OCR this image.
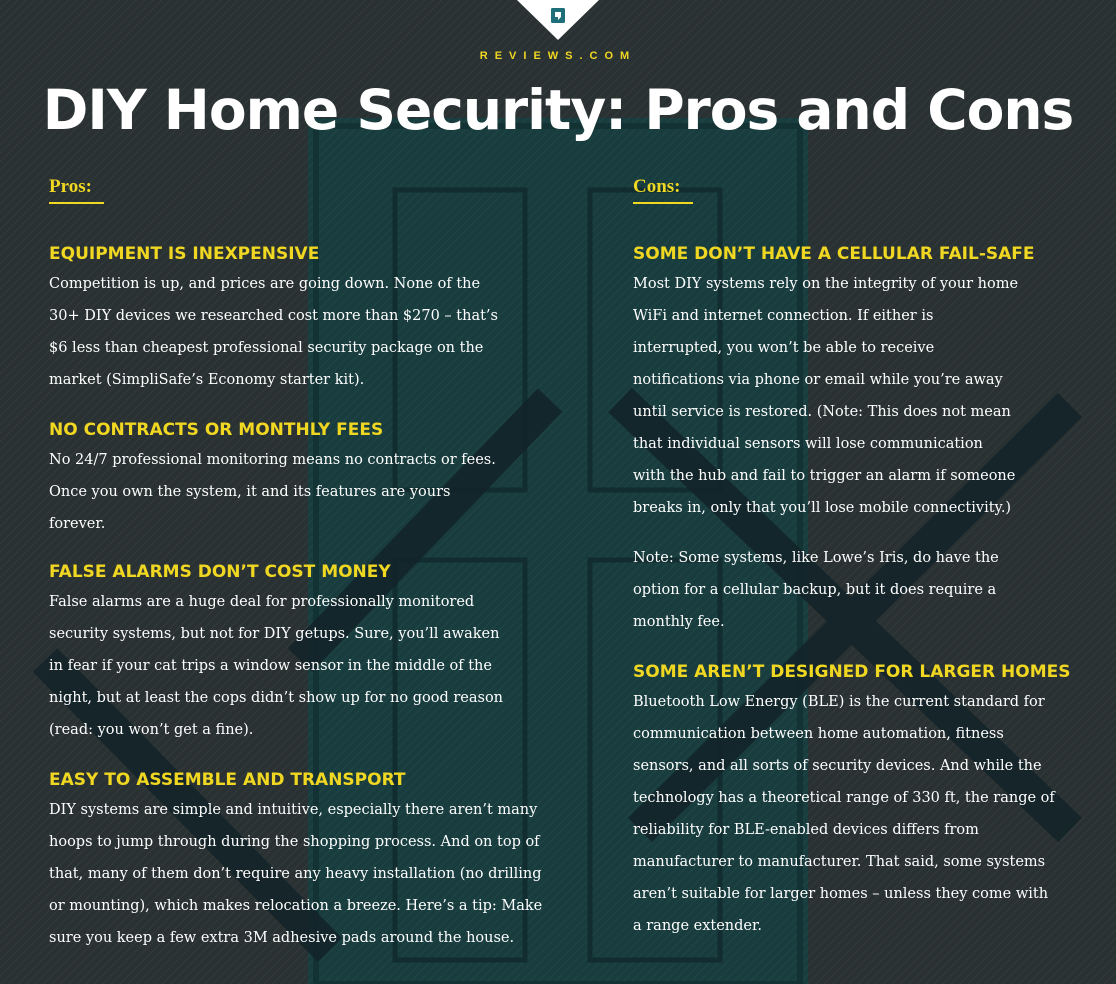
REVIEWS.COM
DIY Home Security: Pros and Cons
Pros:
EQUIPMENT IS INEXPENSIVE

Competition is up, and prices are going down. None of the
30+ DIY devices we researched cost more than $270 – that’s
$6 less than cheapest professional security package on the
market (SimpliSafe’s Economy starter kit).

NO CONTRACTS OR MONTHLY FEES

No 24/7 professional monitoring means no contracts or fees.
Once you own the system, it and its features are yours
forever.

FALSE ALARMS DON’T COST MONEY

False alarms are a huge deal for professionally monitored
security systems, but not for DIY getups. Sure, you’ll awaken
in fear if your cat trips a window sensor in the middle of the
night, but at least the cops didn’t show up for no good reason
(read: you won’t get a fine).

EASY TO ASSEMBLE AND TRANSPORT

DIY systems are simple and intuitive, especially there aren’t many
hoops to jump through during the shopping process. And on top of
that, many of them don’t require any heavy installation (no drilling
or mounting), which makes relocation a breeze. Here’s a tip: Make
sure you keep a few extra 3M adhesive pads around the house.

Cons:
SOME DON’T HAVE A CELLULAR FAIL-SAFE

Most DIY systems rely on the integrity of your home
WiFi and internet connection. If either is
interrupted, you won’t be able to receive
notifications via phone or email while you’re away
until service is restored. (Note: This does not mean
that individual sensors will lose communication
with the hub and fail to trigger an alarm if someone
breaks in, only that you’ll lose mobile connectivity.)

Note: Some systems, like Lowe’s Iris, do have the
option for a cellular backup, but it does require a
monthly fee.

SOME AREN’T DESIGNED FOR LARGER HOMES

Bluetooth Low Energy (BLE) is the current standard for
communication between home automation, fitness
sensors, and all sorts of security devices. And while the
technology has a theoretical range of 330 ft, the range of
reliability for BLE-enabled devices differs from
manufacturer to manufacturer. That said, some systems
aren’t suitable for larger homes – unless they come with
a range extender.
